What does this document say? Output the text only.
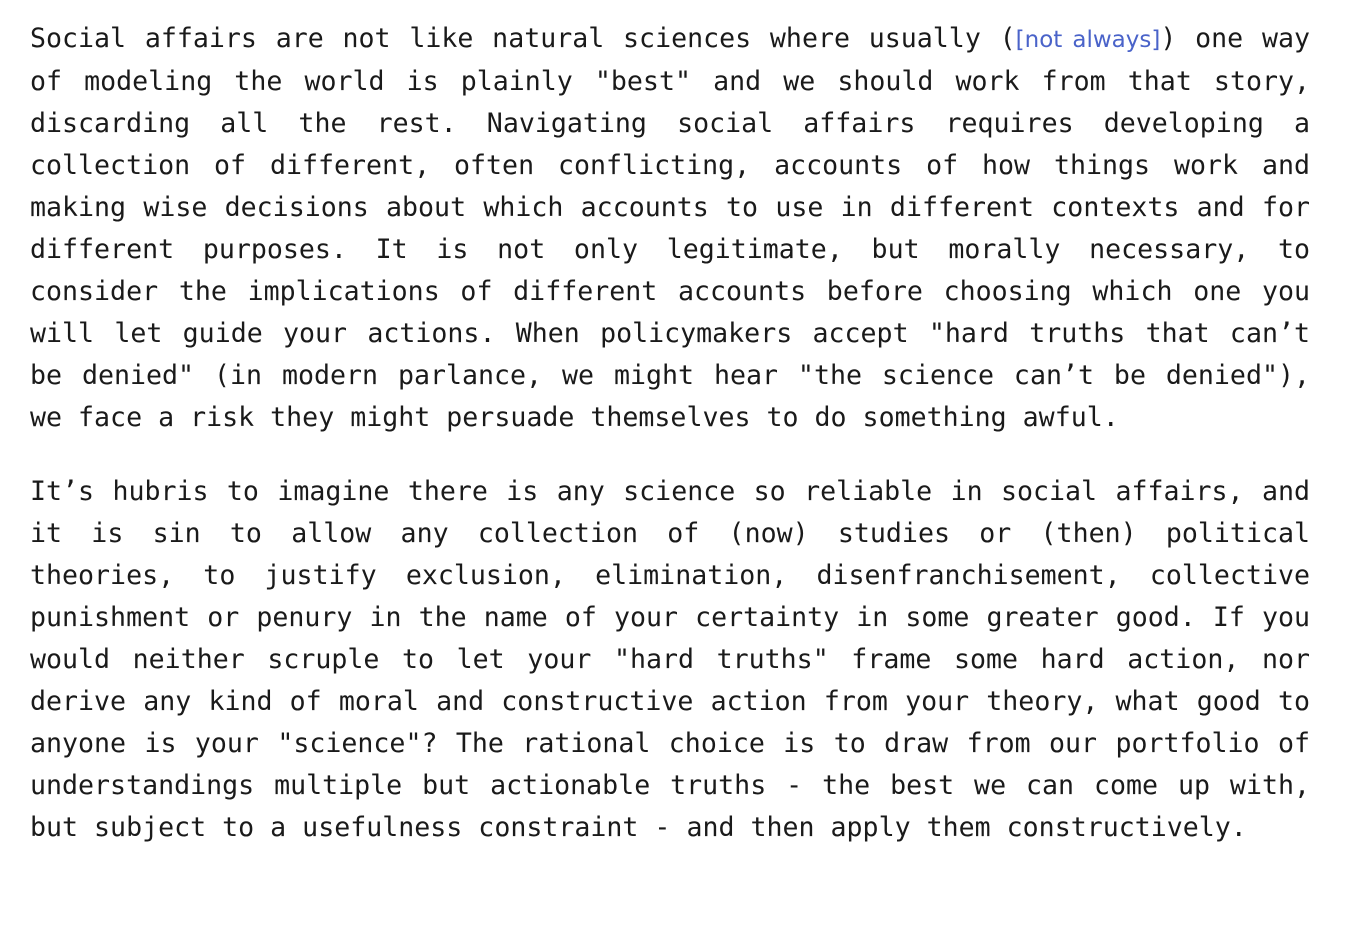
Social affairs are not like natural sciences where usually ([not always]) one way of modeling the world is plainly "best" and we should work from that story, discarding all the rest. Navigating social affairs requires developing a collection of different, often conflicting, accounts of how things work and making wise decisions about which accounts to use in different contexts and for different purposes. It is not only legitimate, but morally necessary, to consider the implications of different accounts before choosing which one you will let guide your actions. When policymakers accept "hard truths that can’t be denied" (in modern parlance, we might hear "the science can’t be denied"), we face a risk they might persuade themselves to do something awful.

It’s hubris to imagine there is any science so reliable in social affairs, and it is sin to allow any collection of (now) studies or (then) political theories, to justify exclusion, elimination, disenfranchisement, collective punishment or penury in the name of your certainty in some greater good. If you would neither scruple to let your "hard truths" frame some hard action, nor derive any kind of moral and constructive action from your theory, what good to anyone is your "science"? The rational choice is to draw from our portfolio of understandings multiple but actionable truths - the best we can come up with, but subject to a usefulness constraint - and then apply them constructively.
